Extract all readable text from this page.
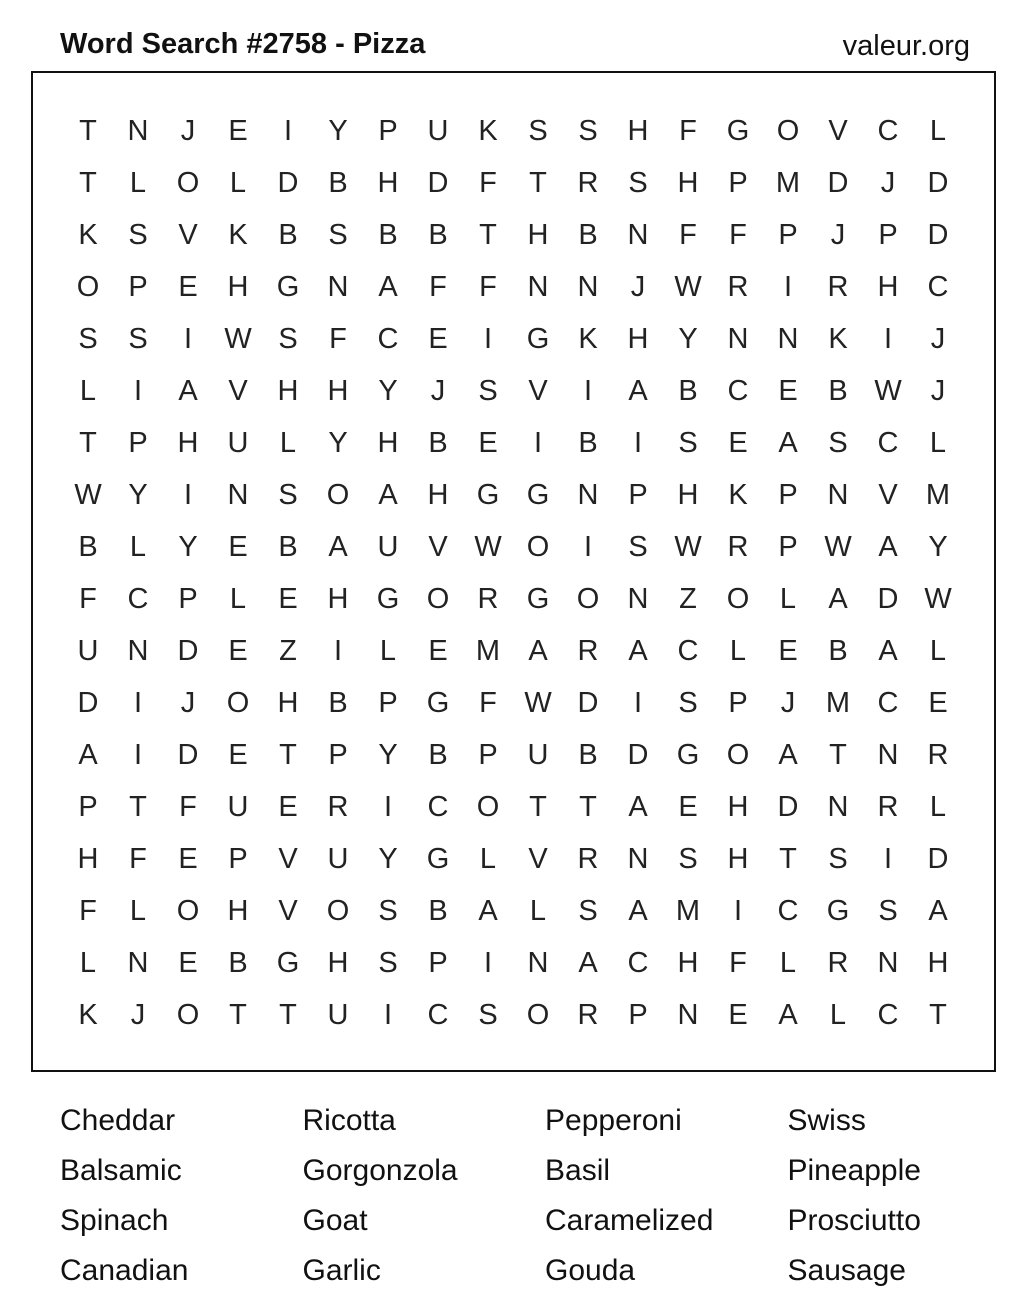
Word Search #2758 - Pizza	valeur.org
T	N	J	E	I	Y	P	U	K	S	S	H	F	G O	V	C	L
T	L	O	L	D	B	H	D	F	T	R	S	H	P M D	J	D
K	S	V	K	B	S	B	B	T	H	B	N	F	F	P	J	P	D
O	P	E	H G N	A	F	F	N	N	J	W R	I	R	H	C
S	S	I	W S	F	C	E	I	G	K	H	Y	N	N	K	I	J
L	I	A	V	H	H	Y	J	S	V	I	A	B	C	E	B W	J
T	P	H	U	L	Y	H	B	E	I	B	I	S	E	A	S	C	L
W Y	I	N	S	O	A	H G G N	P	H	K	P	N	V M
B	L	Y	E	B	A	U	V W O	I	S W R	P W A	Y
F	C	P	L	E	H G O R G O N	Z	O	L	A	D W
U	N	D	E	Z	I	L	E M A	R	A	C	L	E	B	A	L
D	I	J	O H	B	P	G	F W D	I	S	P	J	M C	E
A	I	D	E	T	P	Y	B	P	U	B	D G O	A	T	N	R
P	T	F	U	E	R	I	C O	T	T	A	E	H	D	N	R	L
H	F	E	P	V	U	Y	G	L	V	R	N	S	H	T	S	I	D
F	L	O H	V	O	S	B	A	L	S	A M	I	C G	S	A
L	N	E	B	G H	S	P	I	N	A	C	H	F	L	R	N	H
K	J	O	T	T	U	I	C	S	O R	P	N	E	A	L	C	T
Cheddar	Ricotta	Pepperoni	Swiss
Balsamic	Gorgonzola	Basil	Pineapple
Spinach	Goat	Caramelized	Prosciutto
Canadian	Garlic	Gouda	Sausage
